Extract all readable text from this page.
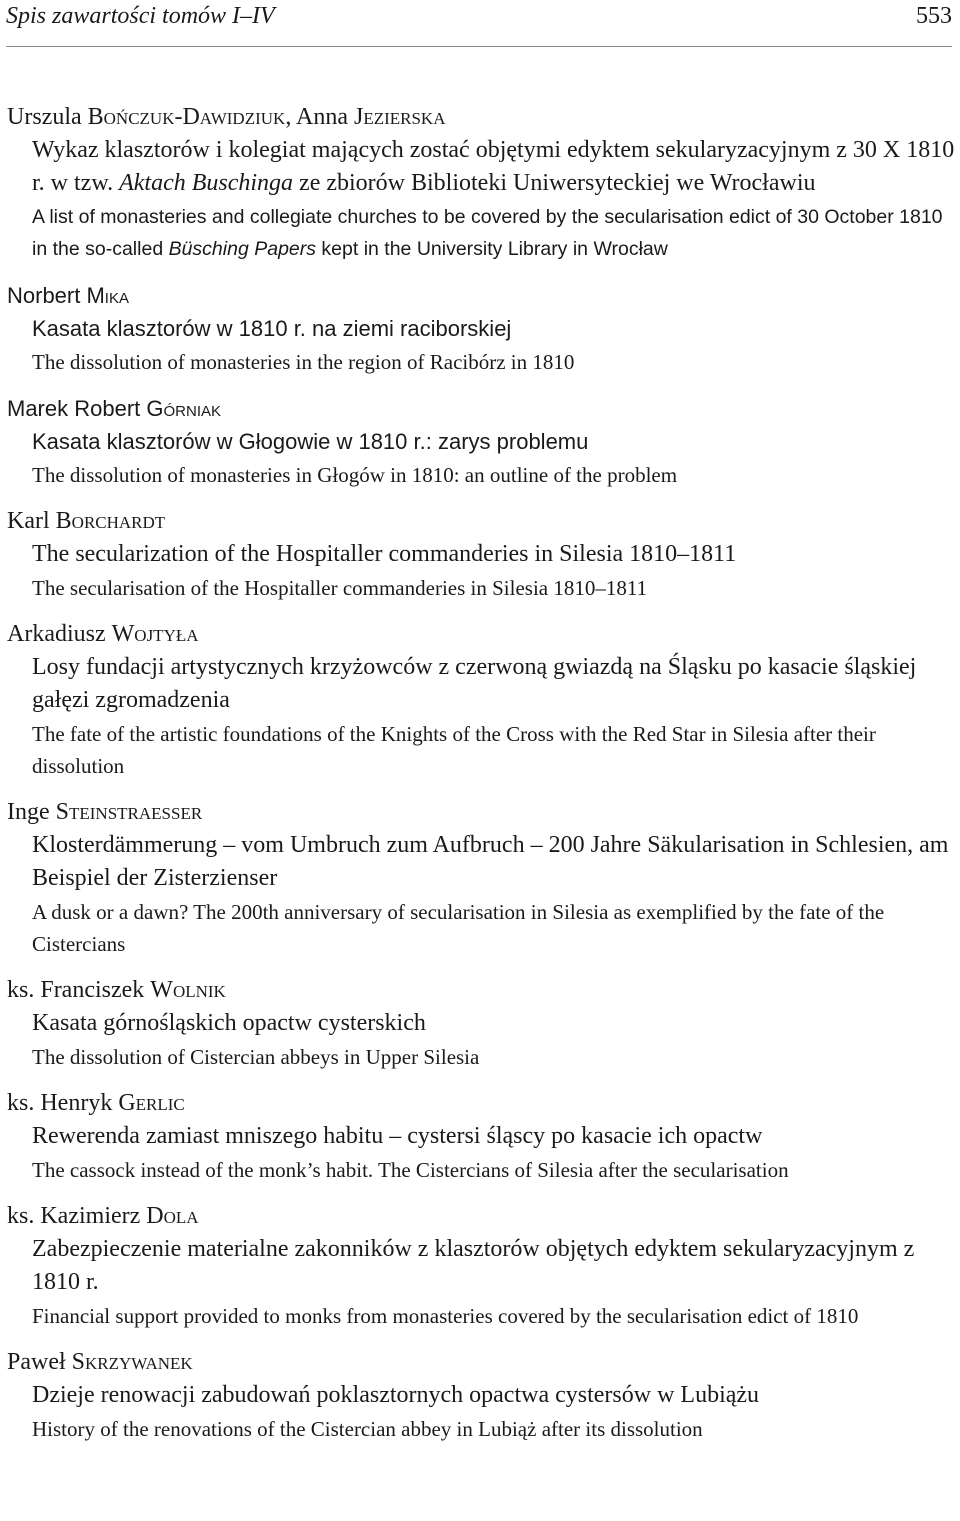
Spis zawartości tomów I–IV	553
Urszula Bończuk-Dawidziuk, Anna Jezierska
Wykaz klasztorów i kolegiat mających zostać objętymi edyktem sekularyzacyjnym z 30 X 1810 r. w tzw. Aktach Buschinga ze zbiorów Biblioteki Uniwersyteckiej we Wrocławiu
A list of monasteries and collegiate churches to be covered by the secularisation edict of 30 October 1810 in the so-called Büsching Papers kept in the University Library in Wrocław
Norbert Mika
Kasata klasztorów w 1810 r. na ziemi raciborskiej
The dissolution of monasteries in the region of Racibórz in 1810
Marek Robert Górniak
Kasata klasztorów w Głogowie w 1810 r.: zarys problemu
The dissolution of monasteries in Głogów in 1810: an outline of the problem
Karl Borchardt
The secularization of the Hospitaller commanderies in Silesia 1810–1811
The secularisation of the Hospitaller commanderies in Silesia 1810–1811
Arkadiusz Wojtyła
Losy fundacji artystycznych krzyżowców z czerwoną gwiazdą na Śląsku po kasacie śląskiej gałęzi zgromadzenia
The fate of the artistic foundations of the Knights of the Cross with the Red Star in Silesia after their dissolution
Inge Steinstraesser
Klosterdämmerung – vom Umbruch zum Aufbruch – 200 Jahre Säkularisation in Schlesien, am Beispiel der Zisterzienser
A dusk or a dawn? The 200th anniversary of secularisation in Silesia as exemplified by the fate of the Cistercians
ks. Franciszek Wolnik
Kasata górnośląskich opactw cysterskich
The dissolution of Cistercian abbeys in Upper Silesia
ks. Henryk Gerlic
Rewerenda zamiast mniszego habitu – cystersi śląscy po kasacie ich opactw
The cassock instead of the monk’s habit. The Cistercians of Silesia after the secularisation
ks. Kazimierz Dola
Zabezpieczenie materialne zakonników z klasztorów objętych edyktem sekularyzacyjnym z 1810 r.
Financial support provided to monks from monasteries covered by the secularisation edict of 1810
Paweł Skrzywanek
Dzieje renowacji zabudowań poklasztornych opactwa cystersów w Lubiążu
History of the renovations of the Cistercian abbey in Lubiąż after its dissolution
